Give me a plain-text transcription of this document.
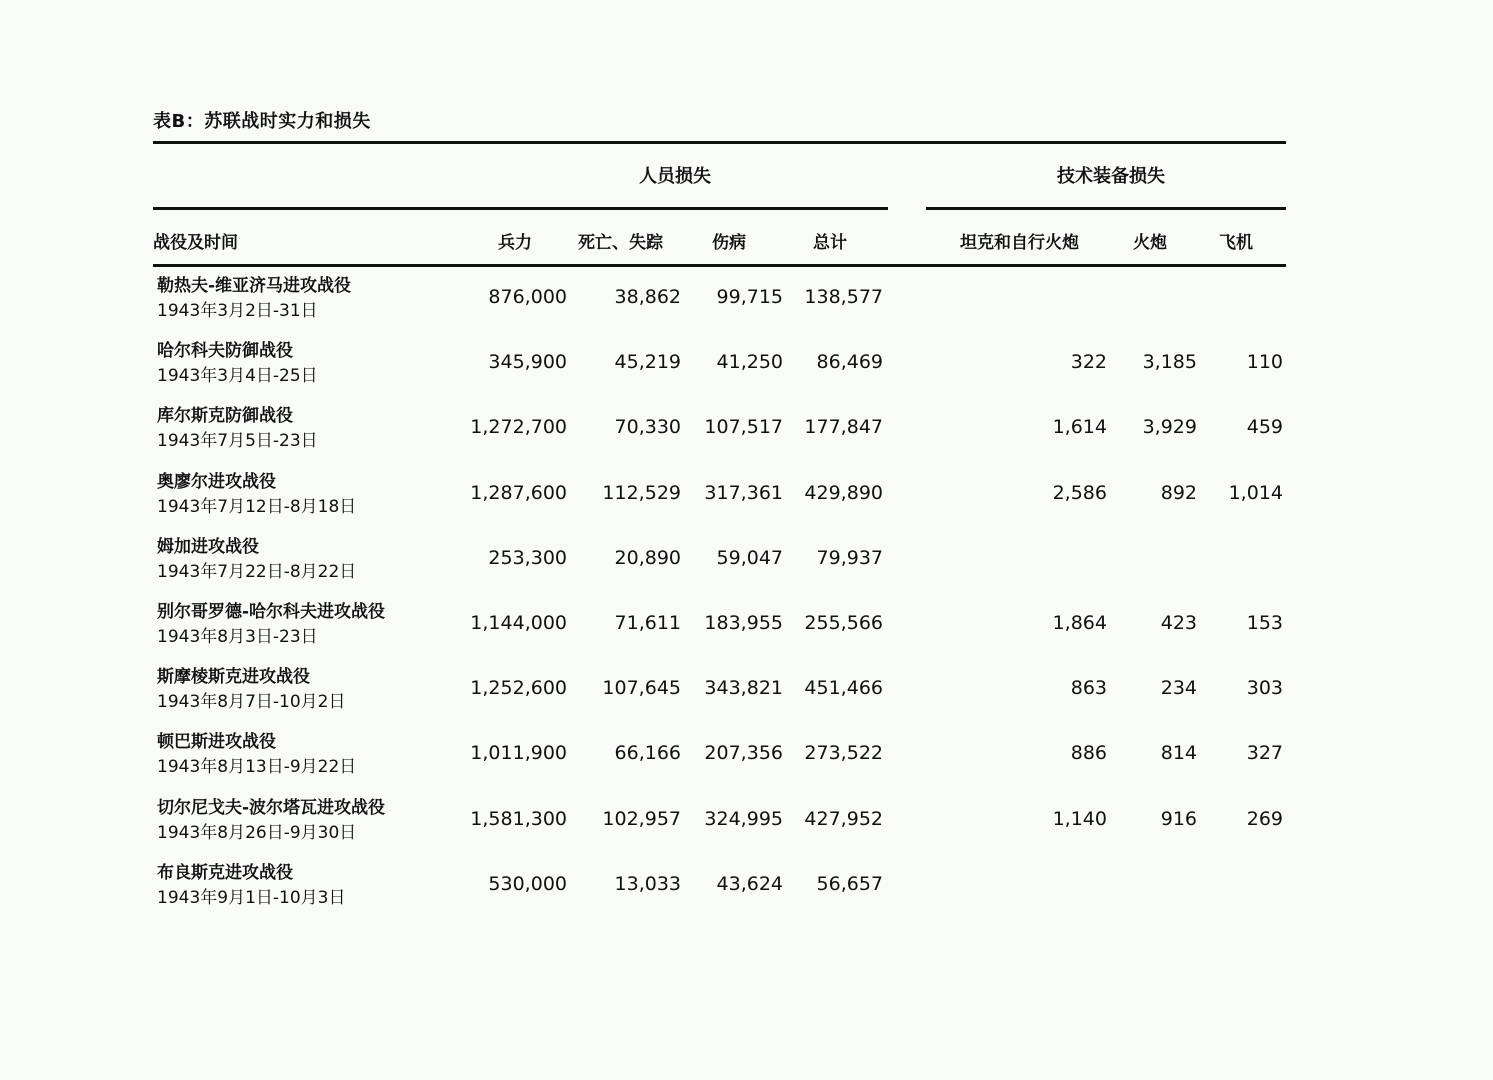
表B：苏联战时实力和损失
人员损失	技术装备损失
战役及时间	兵力	死亡、失踪	伤病	总计	坦克和自行火炮	火炮	飞机
勒热夫-维亚济马进攻战役
1943年3月2日-31日
876,000	38,862 99,715 138,577
哈尔科夫防御战役
1943年3月4日-25日
345,900	45,219 41,250 86,469	322 3,185	110
库尔斯克防御战役
1943年7月5日-23日
1,272,700	70,330 107,517 177,847	1,614 3,929	459
奥廖尔进攻战役
1943年7月12日-8月18日
1,287,600 112,529 317,361 429,890	2,586	892 1,014
姆加进攻战役
1943年7月22日-8月22日
253,300	20,890 59,047 79,937
别尔哥罗德-哈尔科夫进攻战役
1943年8月3日-23日
1,144,000	71,611 183,955 255,566	1,864	423	153
斯摩棱斯克进攻战役
1943年8月7日-10月2日
1,252,600 107,645 343,821 451,466	863	234	303
顿巴斯进攻战役
1943年8月13日-9月22日
1,011,900	66,166 207,356 273,522	886	814	327
切尔尼戈夫-波尔塔瓦进攻战役
1943年8月26日-9月30日
1,581,300 102,957 324,995 427,952	1,140	916	269
布良斯克进攻战役
1943年9月1日-10月3日
530,000	13,033 43,624 56,657
